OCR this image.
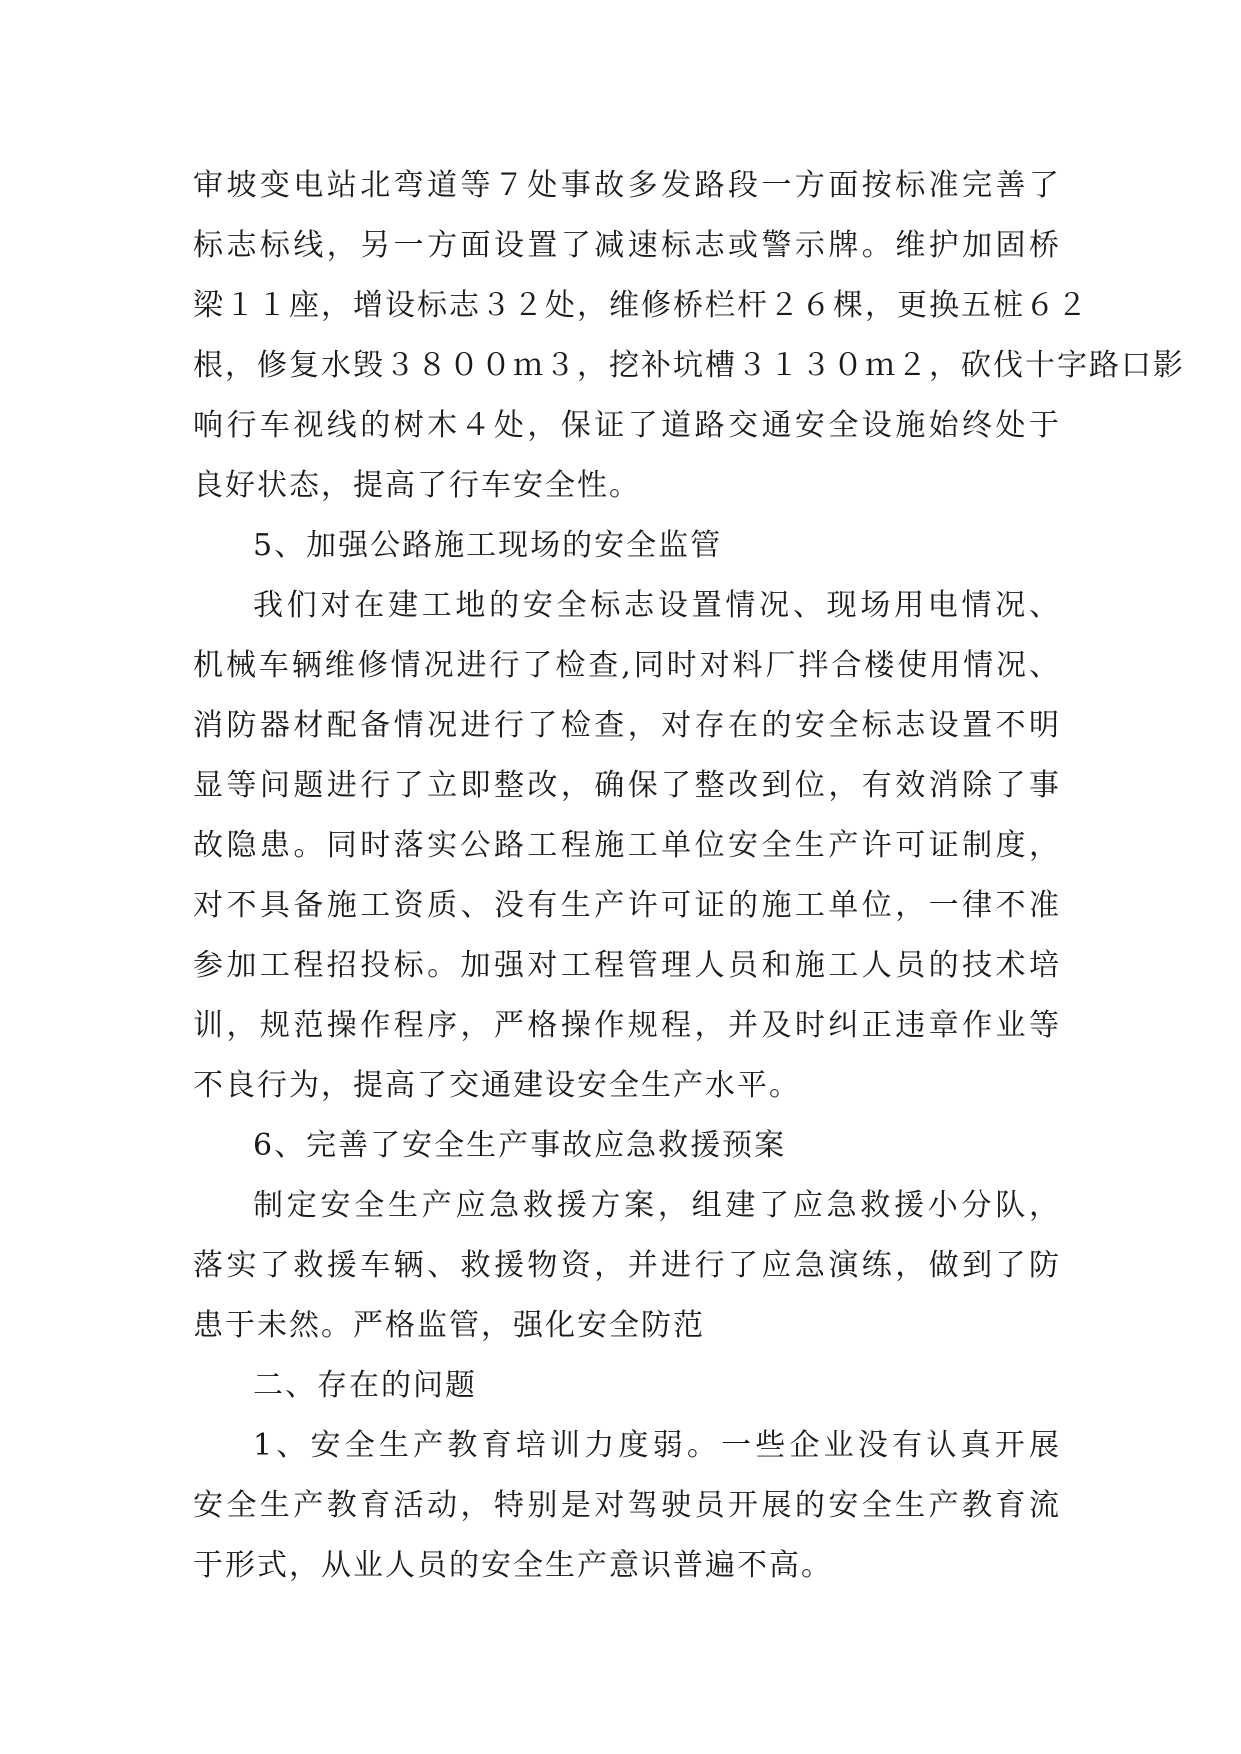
审坡变电站北弯道等７处事故多发路段一方面按标准完善了
标志标线，另一方面设置了减速标志或警示牌。维护加固桥
梁１１座，增设标志３２处，维修桥栏杆２６棵，更换五桩６２
根，修复水毁３８００ｍ３，挖补坑槽３１３０ｍ２，砍伐十字路口影
响行车视线的树木４处，保证了道路交通安全设施始终处于
良好状态，提高了行车安全性。
5、加强公路施工现场的安全监管
我们对在建工地的安全标志设置情况、现场用电情况、
机械车辆维修情况进行了检查,同时对料厂拌合楼使用情况、
消防器材配备情况进行了检查，对存在的安全标志设置不明
显等问题进行了立即整改，确保了整改到位，有效消除了事
故隐患。同时落实公路工程施工单位安全生产许可证制度，
对不具备施工资质、没有生产许可证的施工单位，一律不准
参加工程招投标。加强对工程管理人员和施工人员的技术培
训，规范操作程序，严格操作规程，并及时纠正违章作业等
不良行为，提高了交通建设安全生产水平。
6、完善了安全生产事故应急救援预案
制定安全生产应急救援方案，组建了应急救援小分队，
落实了救援车辆、救援物资，并进行了应急演练，做到了防
患于未然。严格监管，强化安全防范
二、存在的问题
1、安全生产教育培训力度弱。一些企业没有认真开展
安全生产教育活动，特别是对驾驶员开展的安全生产教育流
于形式，从业人员的安全生产意识普遍不高。
